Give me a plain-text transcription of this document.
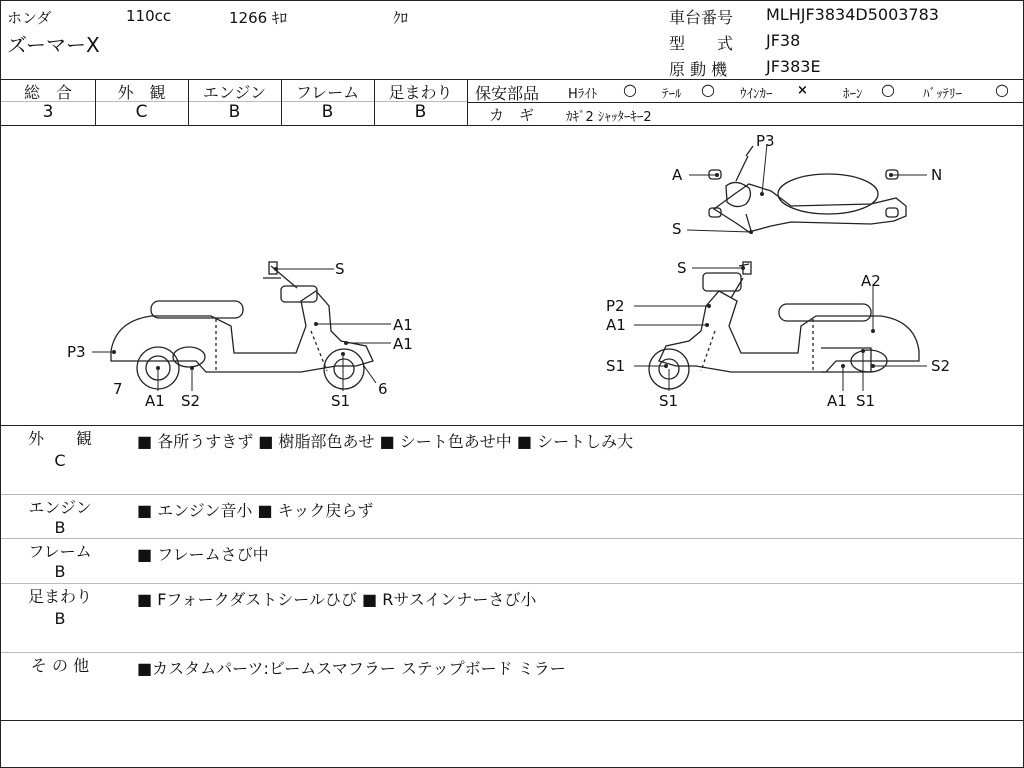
ホンダ	110cc	1266 ｷﾛ	ｸﾛ
ズーマーX
車台番号 MLHJF3834D5003783
型　　式 JF38
原 動 機 JF383E
総　合
3
外　観
C
エンジン
B
フレーム
B
足まわり
B
保安部品 Hﾗｲﾄ ○ ﾃｰﾙ ○ ｳｲﾝｶｰ ×	ﾎｰﾝ ○ ﾊﾞｯﾃﾘｰ ○
カ　ギ ｶｷﾞ2 ｼｬｯﾀｰｷｰ2
P3
A	N
S
S
A1
A1
P3
7	6
A1 S2	S1
S
A2
P2
A1
S1	S2
S1	A1 S1
外　　観
C
■ 各所うすきず ■ 樹脂部色あせ ■ シート色あせ中 ■ シートしみ大
エンジン
B
■ エンジン音小 ■ キック戻らず
フレーム
B
■ フレームさび中
足まわり
B
■ Fフォークダストシールひび ■ Rサスインナーさび小
そ の 他	■カスタムパーツ:ビームスマフラー ステップボード ミラー
